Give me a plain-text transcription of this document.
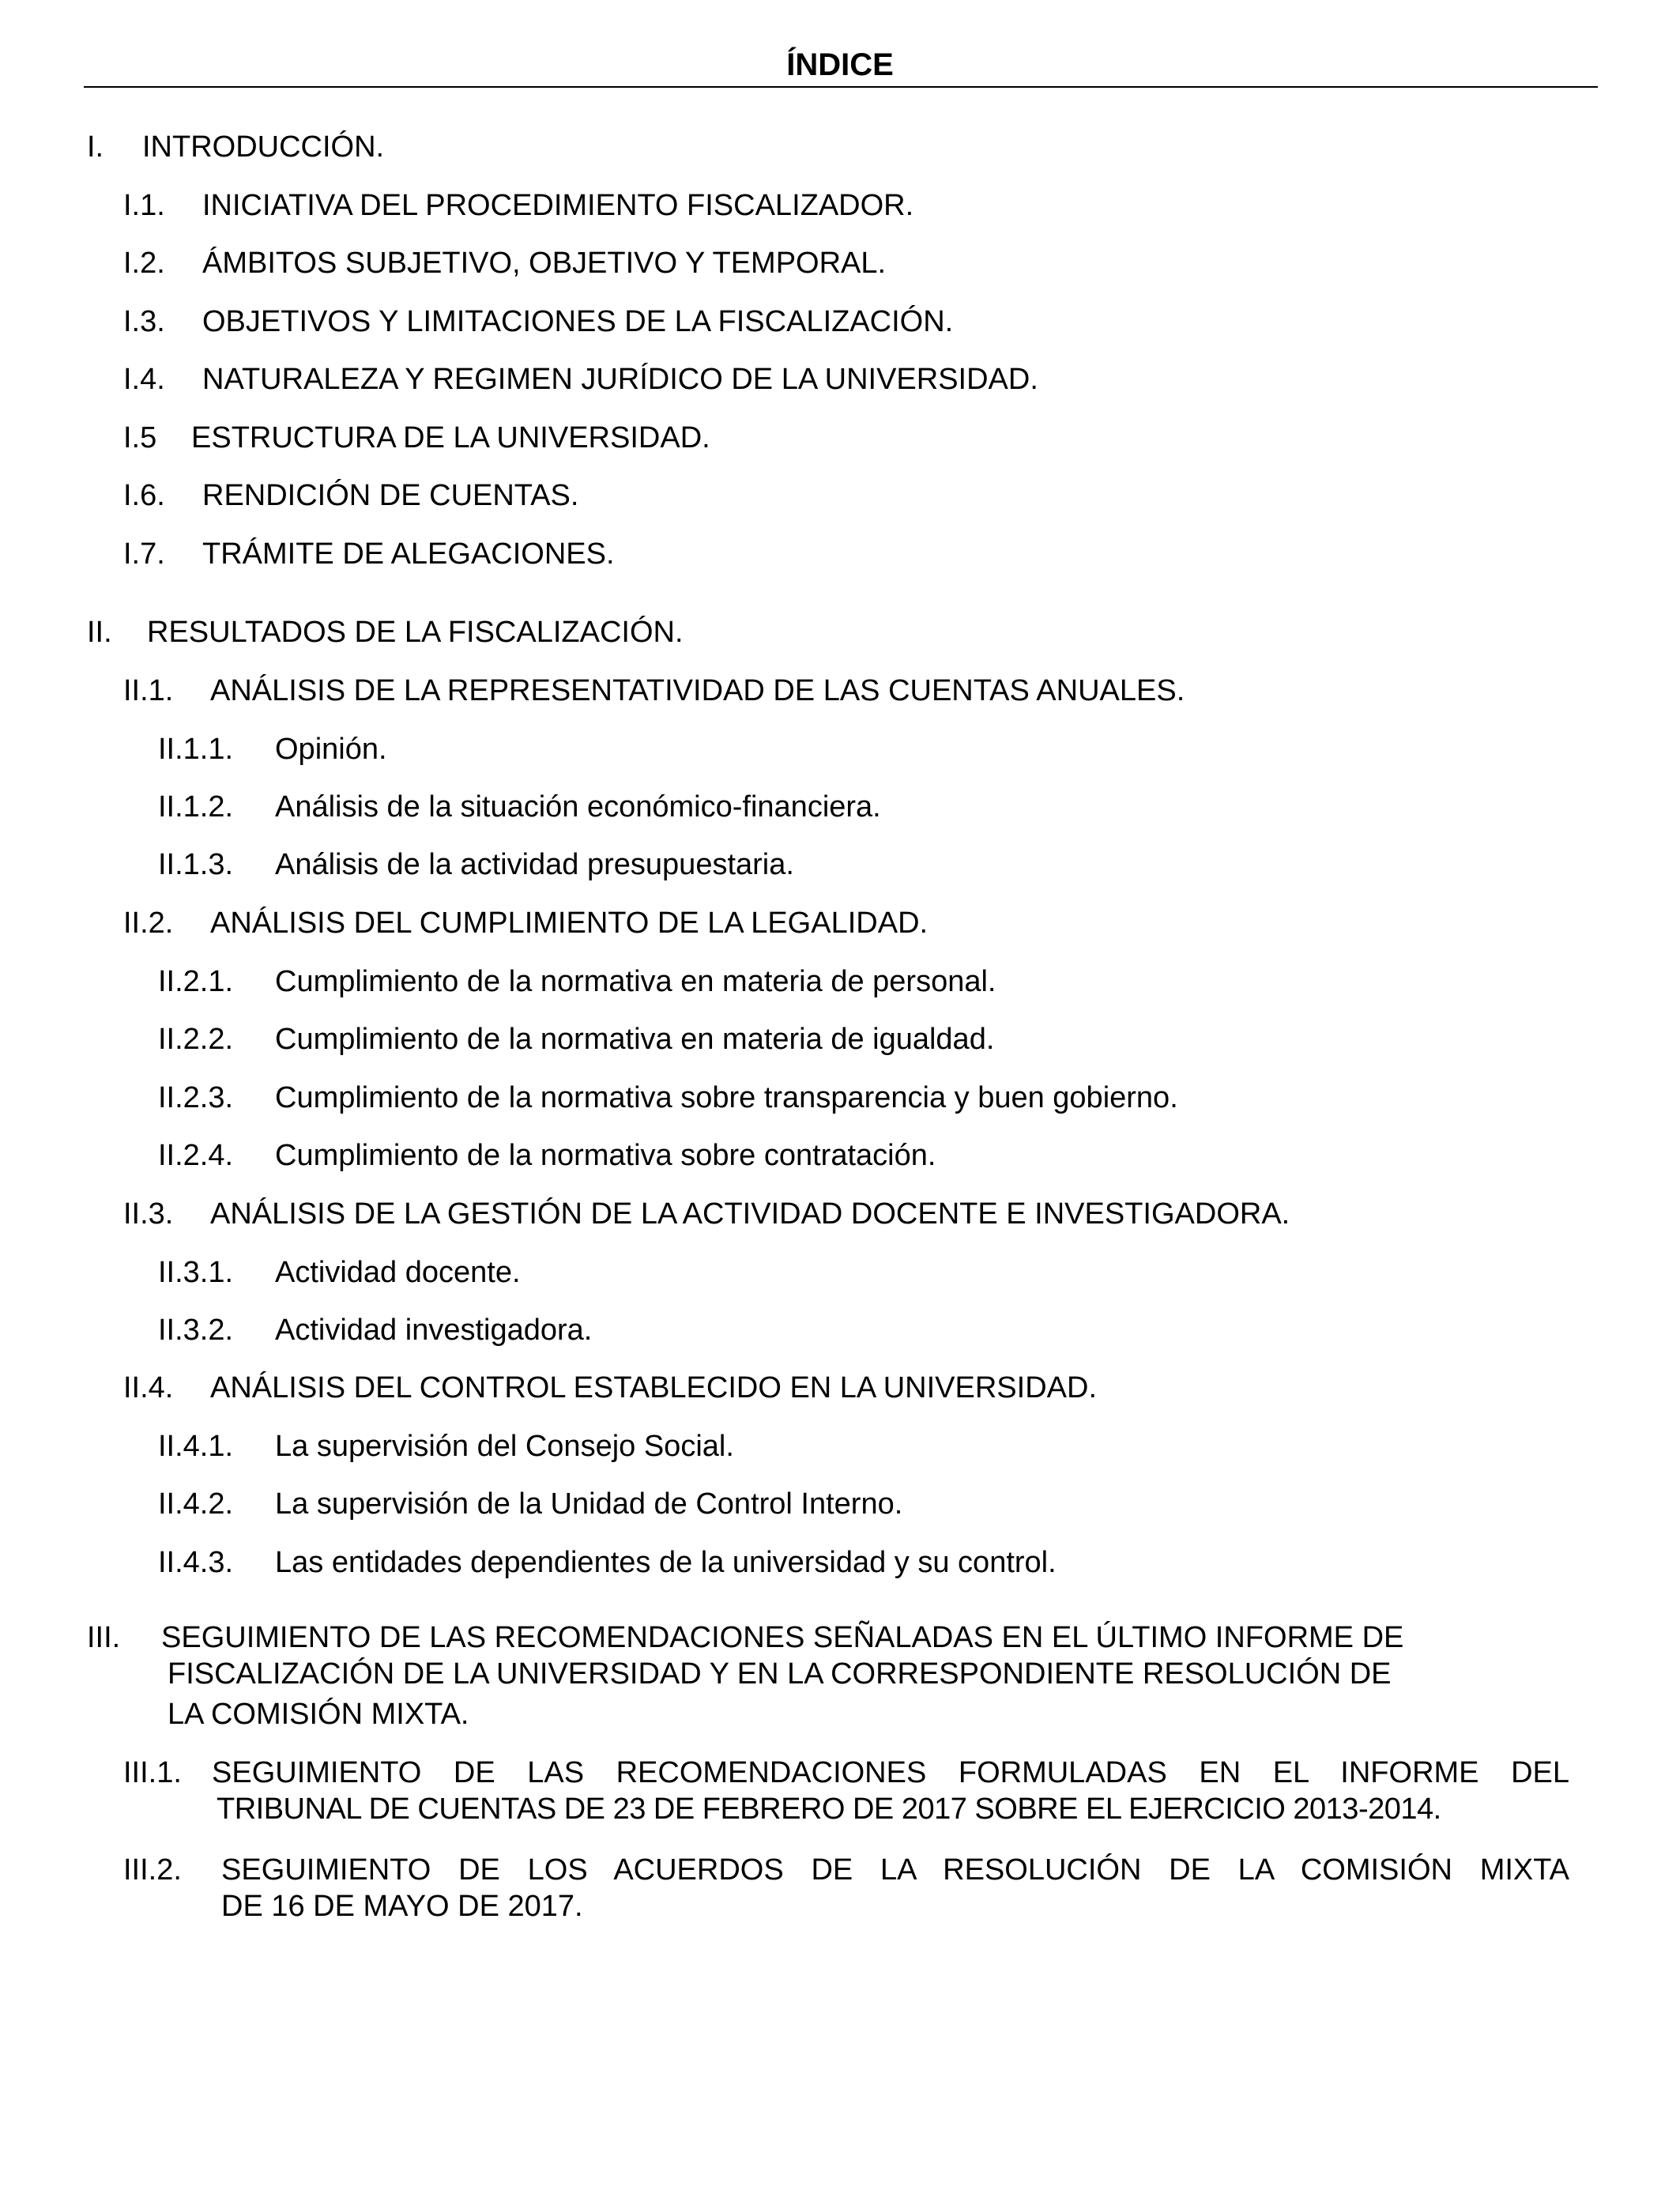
ÍNDICE
I. INTRODUCCIÓN.
I.1. INICIATIVA DEL PROCEDIMIENTO FISCALIZADOR.
I.2. ÁMBITOS SUBJETIVO, OBJETIVO Y TEMPORAL.
I.3. OBJETIVOS Y LIMITACIONES DE LA FISCALIZACIÓN.
I.4. NATURALEZA Y REGIMEN JURÍDICO DE LA UNIVERSIDAD.
I.5 ESTRUCTURA DE LA UNIVERSIDAD.
I.6. RENDICIÓN DE CUENTAS.
I.7. TRÁMITE DE ALEGACIONES.
II. RESULTADOS DE LA FISCALIZACIÓN.
II.1. ANÁLISIS DE LA REPRESENTATIVIDAD DE LAS CUENTAS ANUALES.
II.1.1. Opinión.
II.1.2. Análisis de la situación económico-financiera.
II.1.3. Análisis de la actividad presupuestaria.
II.2. ANÁLISIS DEL CUMPLIMIENTO DE LA LEGALIDAD.
II.2.1. Cumplimiento de la normativa en materia de personal.
II.2.2. Cumplimiento de la normativa en materia de igualdad.
II.2.3. Cumplimiento de la normativa sobre transparencia y buen gobierno.
II.2.4. Cumplimiento de la normativa sobre contratación.
II.3. ANÁLISIS DE LA GESTIÓN DE LA ACTIVIDAD DOCENTE E INVESTIGADORA.
II.3.1. Actividad docente.
II.3.2. Actividad investigadora.
II.4. ANÁLISIS DEL CONTROL ESTABLECIDO EN LA UNIVERSIDAD.
II.4.1. La supervisión del Consejo Social.
II.4.2. La supervisión de la Unidad de Control Interno.
II.4.3. Las entidades dependientes de la universidad y su control.
III. SEGUIMIENTO DE LAS RECOMENDACIONES SEÑALADAS EN EL ÚLTIMO INFORME DE
FISCALIZACIÓN DE LA UNIVERSIDAD Y EN LA CORRESPONDIENTE RESOLUCIÓN DE
LA COMISIÓN MIXTA.
III.1. SEGUIMIENTO DE LAS RECOMENDACIONES FORMULADAS EN EL INFORME DEL
TRIBUNAL DE CUENTAS DE 23 DE FEBRERO DE 2017 SOBRE EL EJERCICIO 2013-2014.
III.2. SEGUIMIENTO DE LOS ACUERDOS DE LA RESOLUCIÓN DE LA COMISIÓN MIXTA
DE 16 DE MAYO DE 2017.
